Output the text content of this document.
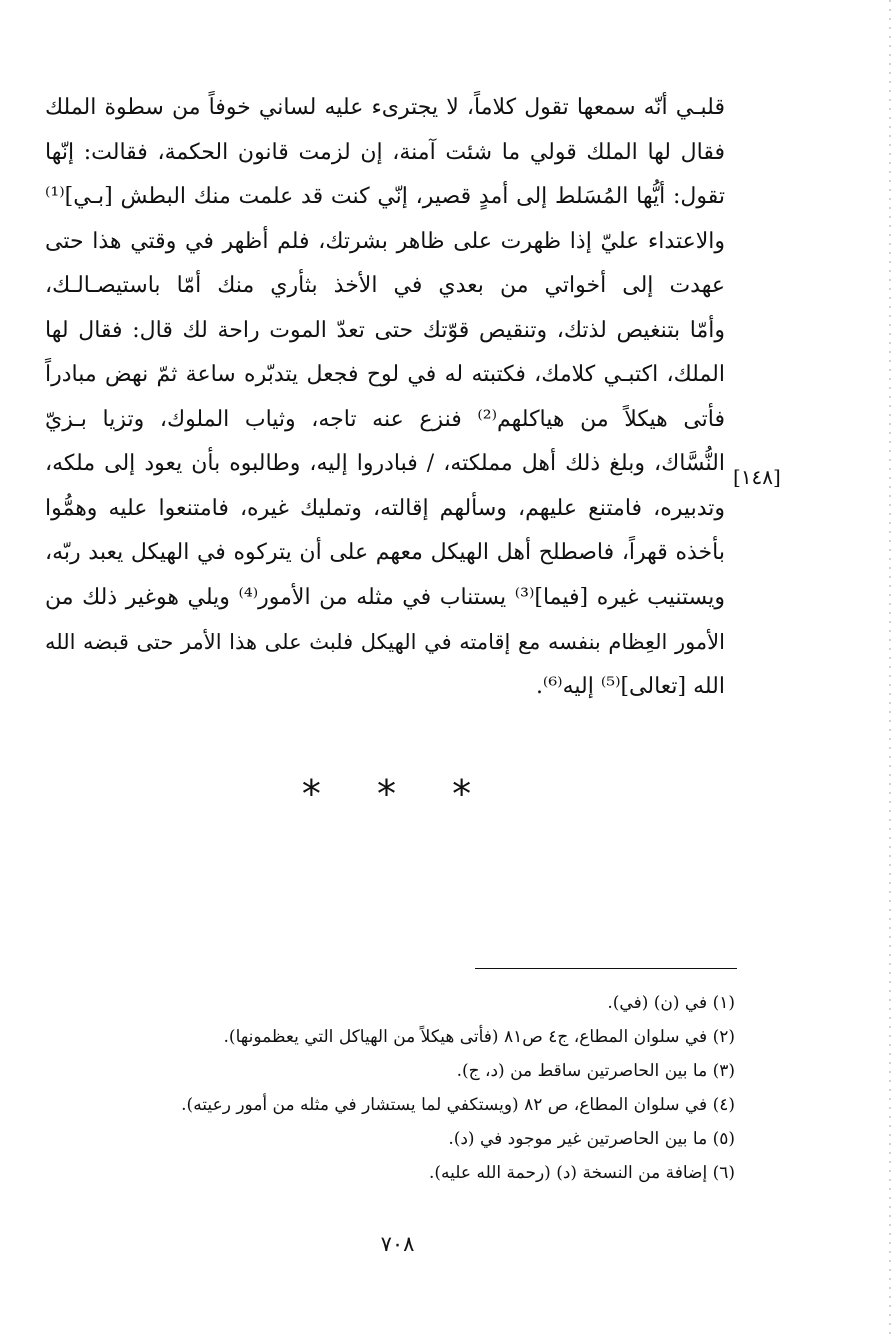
قلبـي أنّه سمعها تقول كلاماً، لا يجترىء عليه لساني خوفاً من سطوة الملك
فقال لها الملك قولي ما شئت آمنة، إن لزمت قانون الحكمة، فقالت: إنّها
تقول: أيُّها المُسَلط إلى أمدٍ قصير، إنّي كنت قد علمت منك البطش [بـي]⁽¹⁾
والاعتداء عليّ إذا ظهرت على ظاهر بشرتك، فلم أظهر في وقتي هذا حتى
عهدت إلى أخواتي من بعدي في الأخذ بثأري منك أمّا باستيصـالـك،
وأمّا بتنغيص لذتك، وتنقيص قوّتك حتى تعدّ الموت راحة لك قال: فقال لها
الملك، اكتبـي كلامك، فكتبته له في لوح فجعل يتدبّره ساعة ثمّ نهض مبادراً
فأتى هيكلاً من هياكلهم⁽²⁾ فنزع عنه تاجه، وثياب الملوك، وتزيا بـزيّ
النُّسَّاك، وبلغ ذلك أهل مملكته، / فبادروا إليه، وطالبوه بأن يعود إلى ملكه،
وتدبيره، فامتنع عليهم، وسألهم إقالته، وتمليك غيره، فامتنعوا عليه وهمُّوا
بأخذه قهراً، فاصطلح أهل الهيكل معهم على أن يتركوه في الهيكل يعبد ربّه،
ويستنيب غيره [فيما]⁽³⁾ يستناب في مثله من الأمور⁽⁴⁾ ويلي هوغير ذلك من
الأمور العِظام بنفسه مع إقامته في الهيكل فلبث على هذا الأمر حتى قبضه الله
الله [تعالى]⁽⁵⁾ إليه⁽⁶⁾.
[١٤٨]
* * *
(١) في (ن) (في).
(٢) في سلوان المطاع، ج٤ ص٨١ (فأتى هيكلاً من الهياكل التي يعظمونها).
(٣) ما بين الحاصرتين ساقط من (د، ج).
(٤) في سلوان المطاع، ص ٨٢ (ويستكفي لما يستشار في مثله من أمور رعيته).
(٥) ما بين الحاصرتين غير موجود في (د).
(٦) إضافة من النسخة (د) (رحمة الله عليه).
٧٠٨
